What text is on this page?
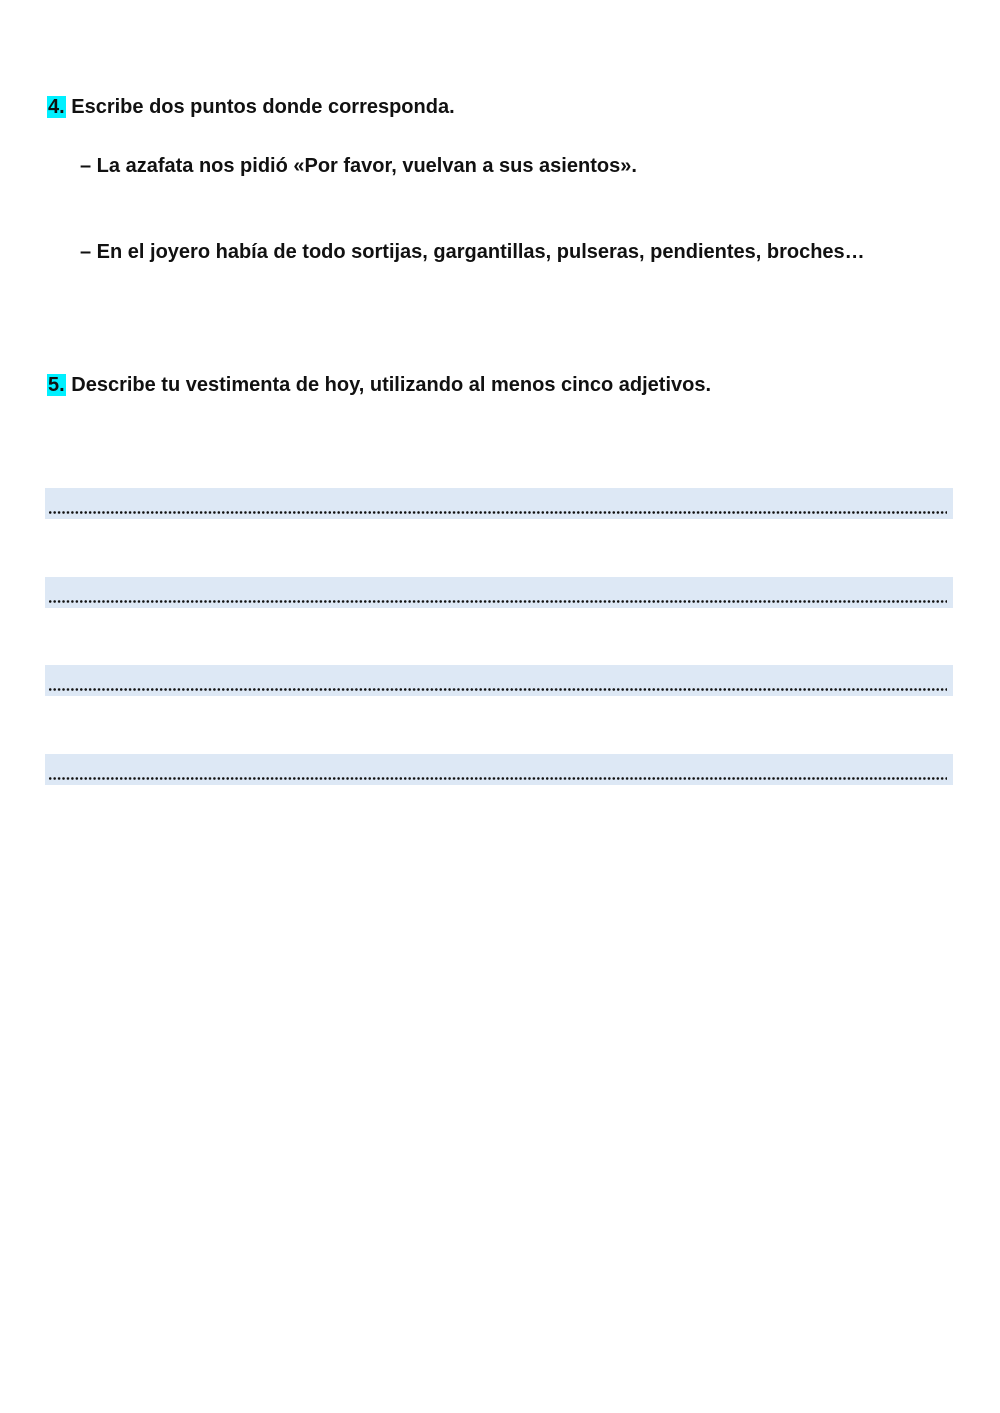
4. Escribe dos puntos donde corresponda.
– La azafata nos pidió «Por favor, vuelvan a sus asientos».
– En el joyero había de todo sortijas, gargantillas, pulseras, pendientes, broches…
5. Describe tu vestimenta de hoy, utilizando al menos cinco adjetivos.
